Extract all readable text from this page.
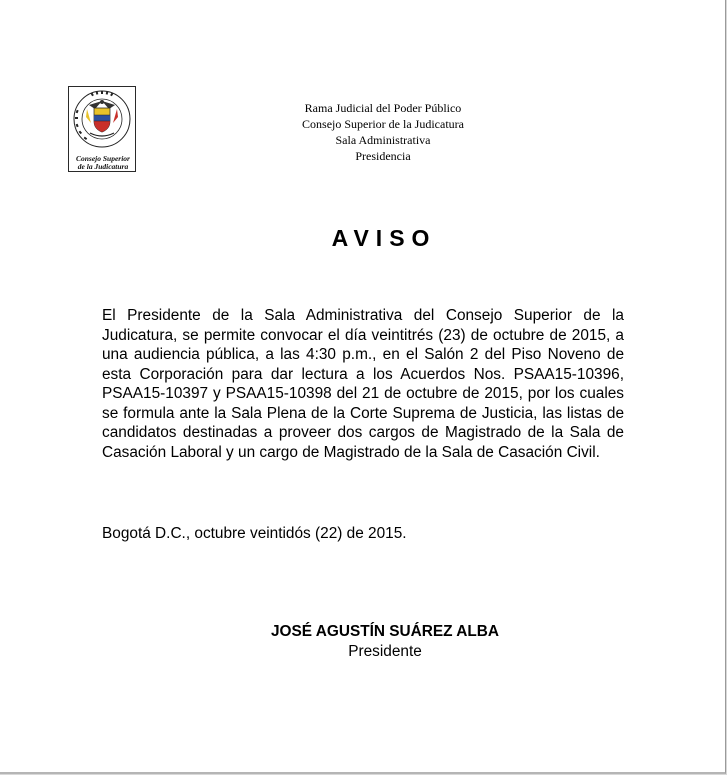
Consejo Superior
de la Judicatura
Rama Judicial del Poder Público
Consejo Superior de la Judicatura
Sala Administrativa
Presidencia
AVISO

El Presidente de la Sala Administrativa del Consejo Superior de la Judicatura, se permite convocar el día veintitrés (23) de octubre de 2015, a una audiencia pública, a las 4:30 p.m., en el Salón 2 del Piso Noveno de esta Corporación para dar lectura a los Acuerdos Nos. PSAA15-10396, PSAA15-10397 y PSAA15-10398 del 21 de octubre de 2015, por los cuales se formula ante la Sala Plena de la Corte Suprema de Justicia, las listas de candidatos destinadas a proveer dos cargos de Magistrado de la Sala de Casación Laboral y un cargo de Magistrado de la Sala de Casación Civil.

Bogotá D.C., octubre veintidós (22) de 2015.
JOSÉ AGUSTÍN SUÁREZ ALBA
Presidente
